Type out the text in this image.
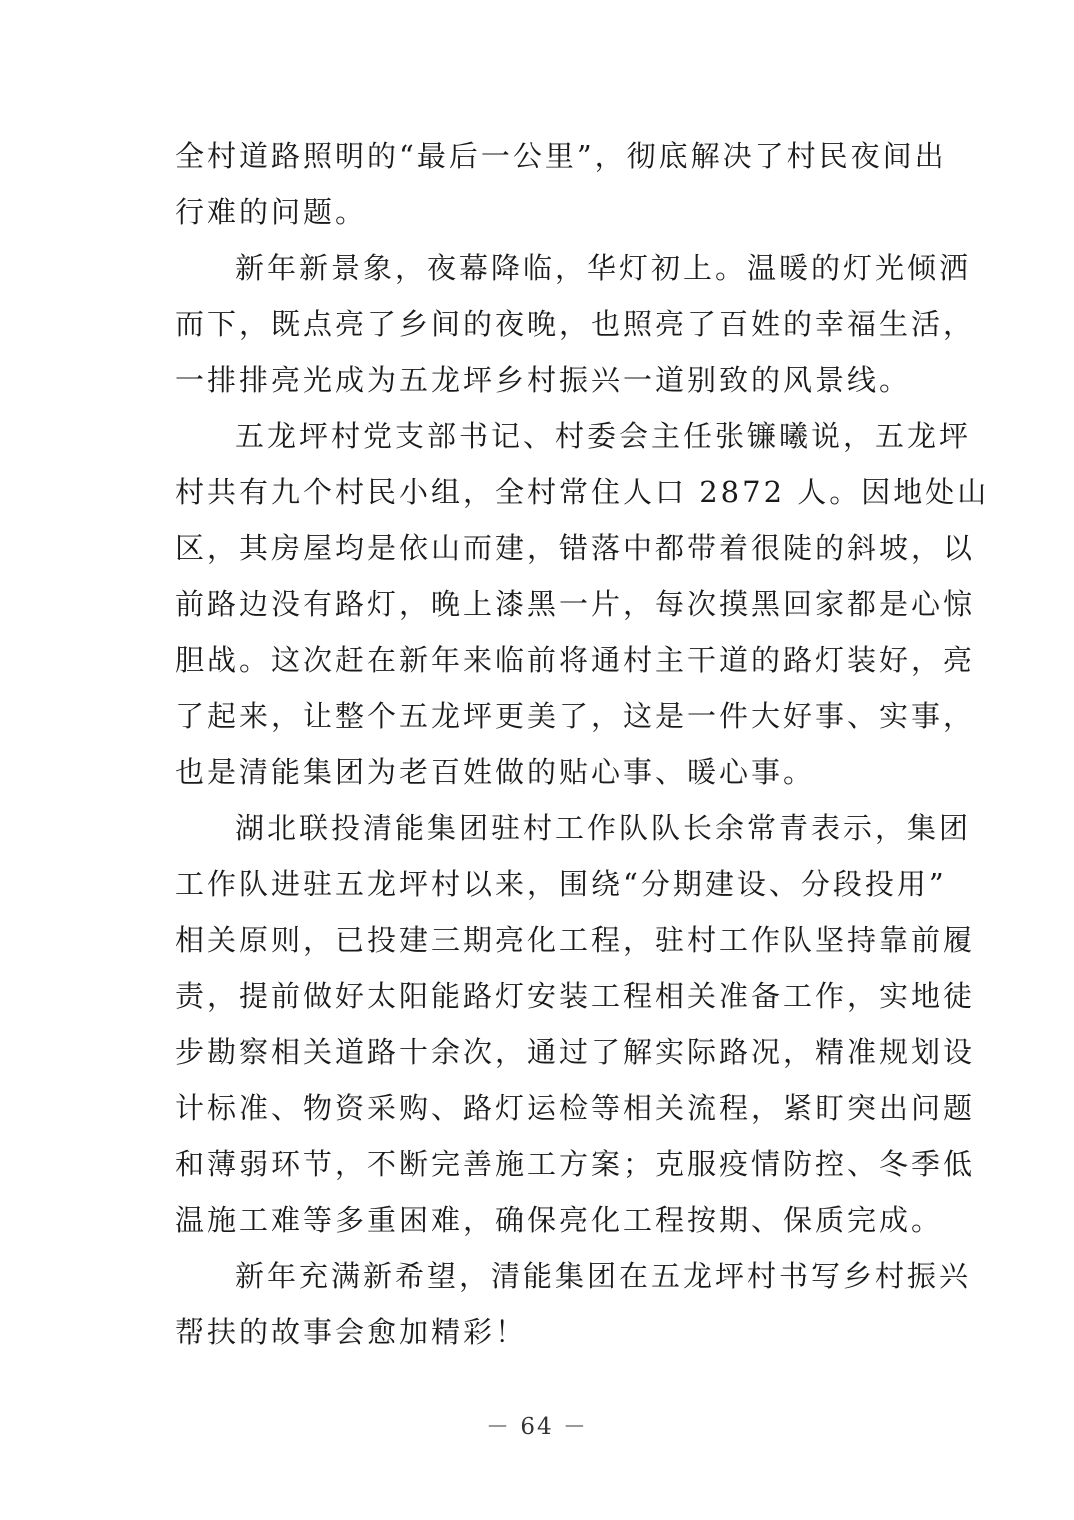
全村道路照明的“最后一公里”，彻底解决了村民夜间出
行难的问题。
新年新景象，夜幕降临，华灯初上。温暖的灯光倾洒
而下，既点亮了乡间的夜晚，也照亮了百姓的幸福生活，
一排排亮光成为五龙坪乡村振兴一道别致的风景线。
五龙坪村党支部书记、村委会主任张镰曦说，五龙坪
村共有九个村民小组，全村常住人口 2872 人。因地处山
区，其房屋均是依山而建，错落中都带着很陡的斜坡，以
前路边没有路灯，晚上漆黑一片，每次摸黑回家都是心惊
胆战。这次赶在新年来临前将通村主干道的路灯装好，亮
了起来，让整个五龙坪更美了，这是一件大好事、实事，
也是清能集团为老百姓做的贴心事、暖心事。
湖北联投清能集团驻村工作队队长余常青表示，集团
工作队进驻五龙坪村以来，围绕“分期建设、分段投用”
相关原则，已投建三期亮化工程，驻村工作队坚持靠前履
责，提前做好太阳能路灯安装工程相关准备工作，实地徒
步勘察相关道路十余次，通过了解实际路况，精准规划设
计标准、物资采购、路灯运检等相关流程，紧盯突出问题
和薄弱环节，不断完善施工方案；克服疫情防控、冬季低
温施工难等多重困难，确保亮化工程按期、保质完成。
新年充满新希望，清能集团在五龙坪村书写乡村振兴
帮扶的故事会愈加精彩！
－ 64 －
